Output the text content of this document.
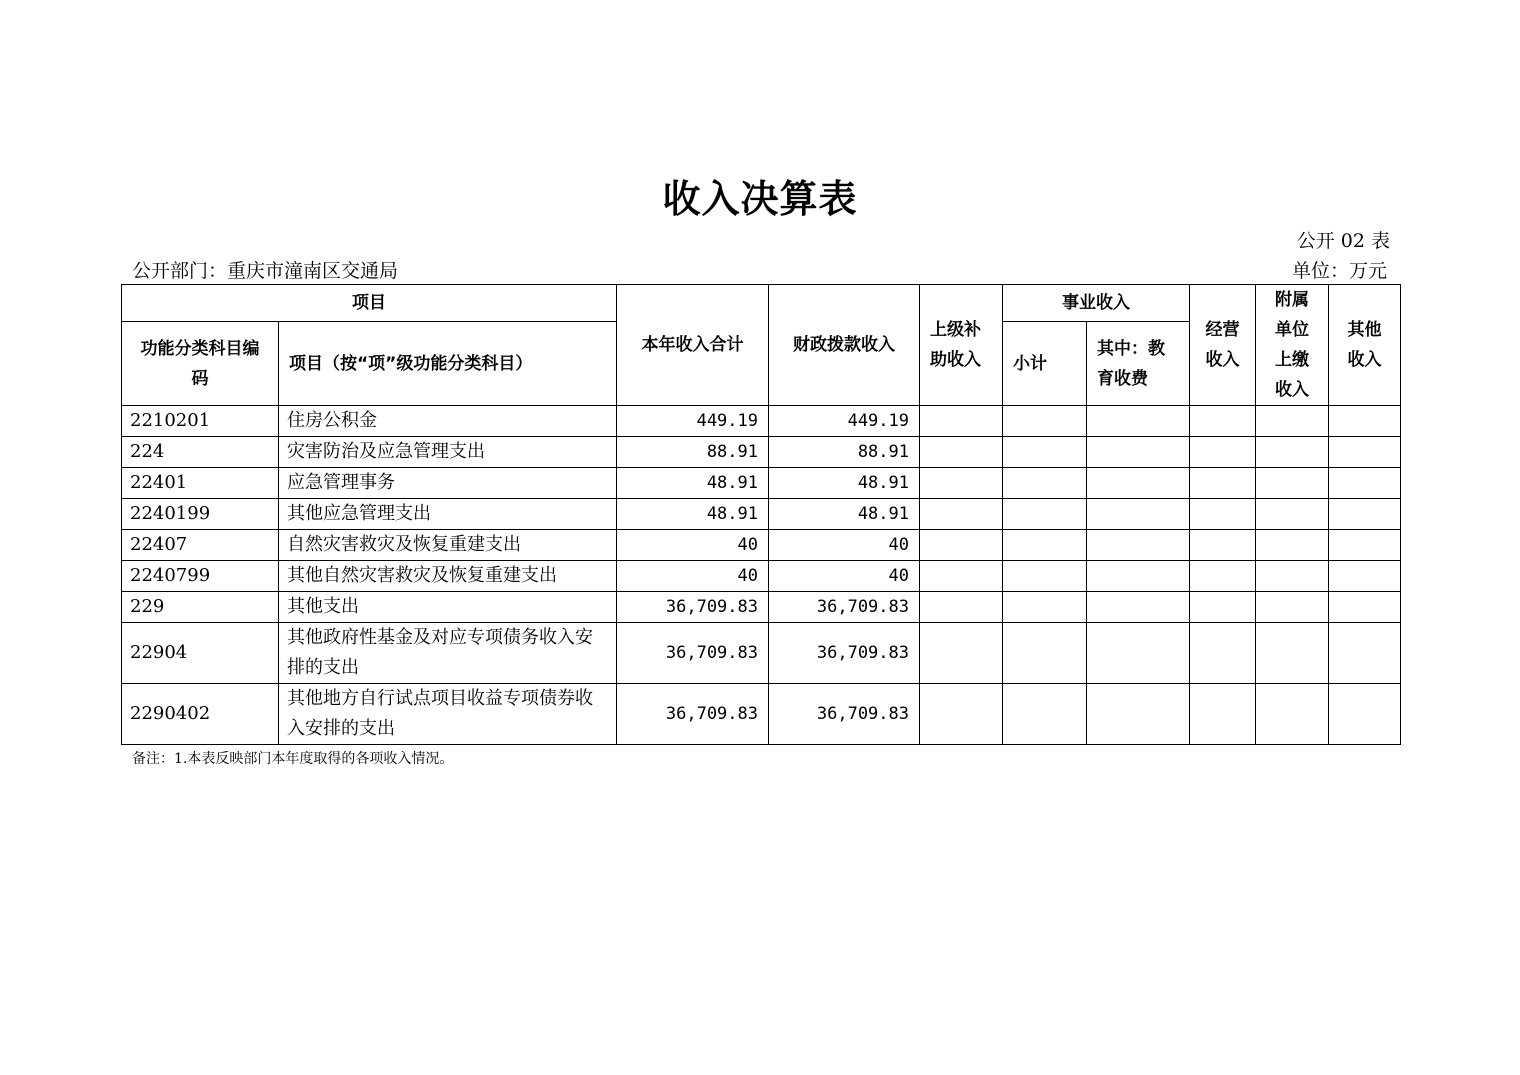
收入决算表
公开 02 表
公开部门：重庆市潼南区交通局	单位：万元
项目		本年收入合计	财政拨款收入	上级补助收入	事业收入		经营收入	附属单位上缴收入	其他收入
功能分类科目编码	项目（按“项”级功能分类科目）				小计	其中：教育收费			
2210201	住房公积金	449.19	449.19						
224	灾害防治及应急管理支出	88.91	88.91						
22401	应急管理事务	48.91	48.91						
2240199	其他应急管理支出	48.91	48.91						
22407	自然灾害救灾及恢复重建支出	40	40						
2240799	其他自然灾害救灾及恢复重建支出	40	40						
229	其他支出	36,709.83	36,709.83						
22904	其他政府性基金及对应专项债务收入安排的支出	36,709.83	36,709.83						
2290402	其他地方自行试点项目收益专项债券收入安排的支出	36,709.83	36,709.83						
备注：1.本表反映部门本年度取得的各项收入情况。
